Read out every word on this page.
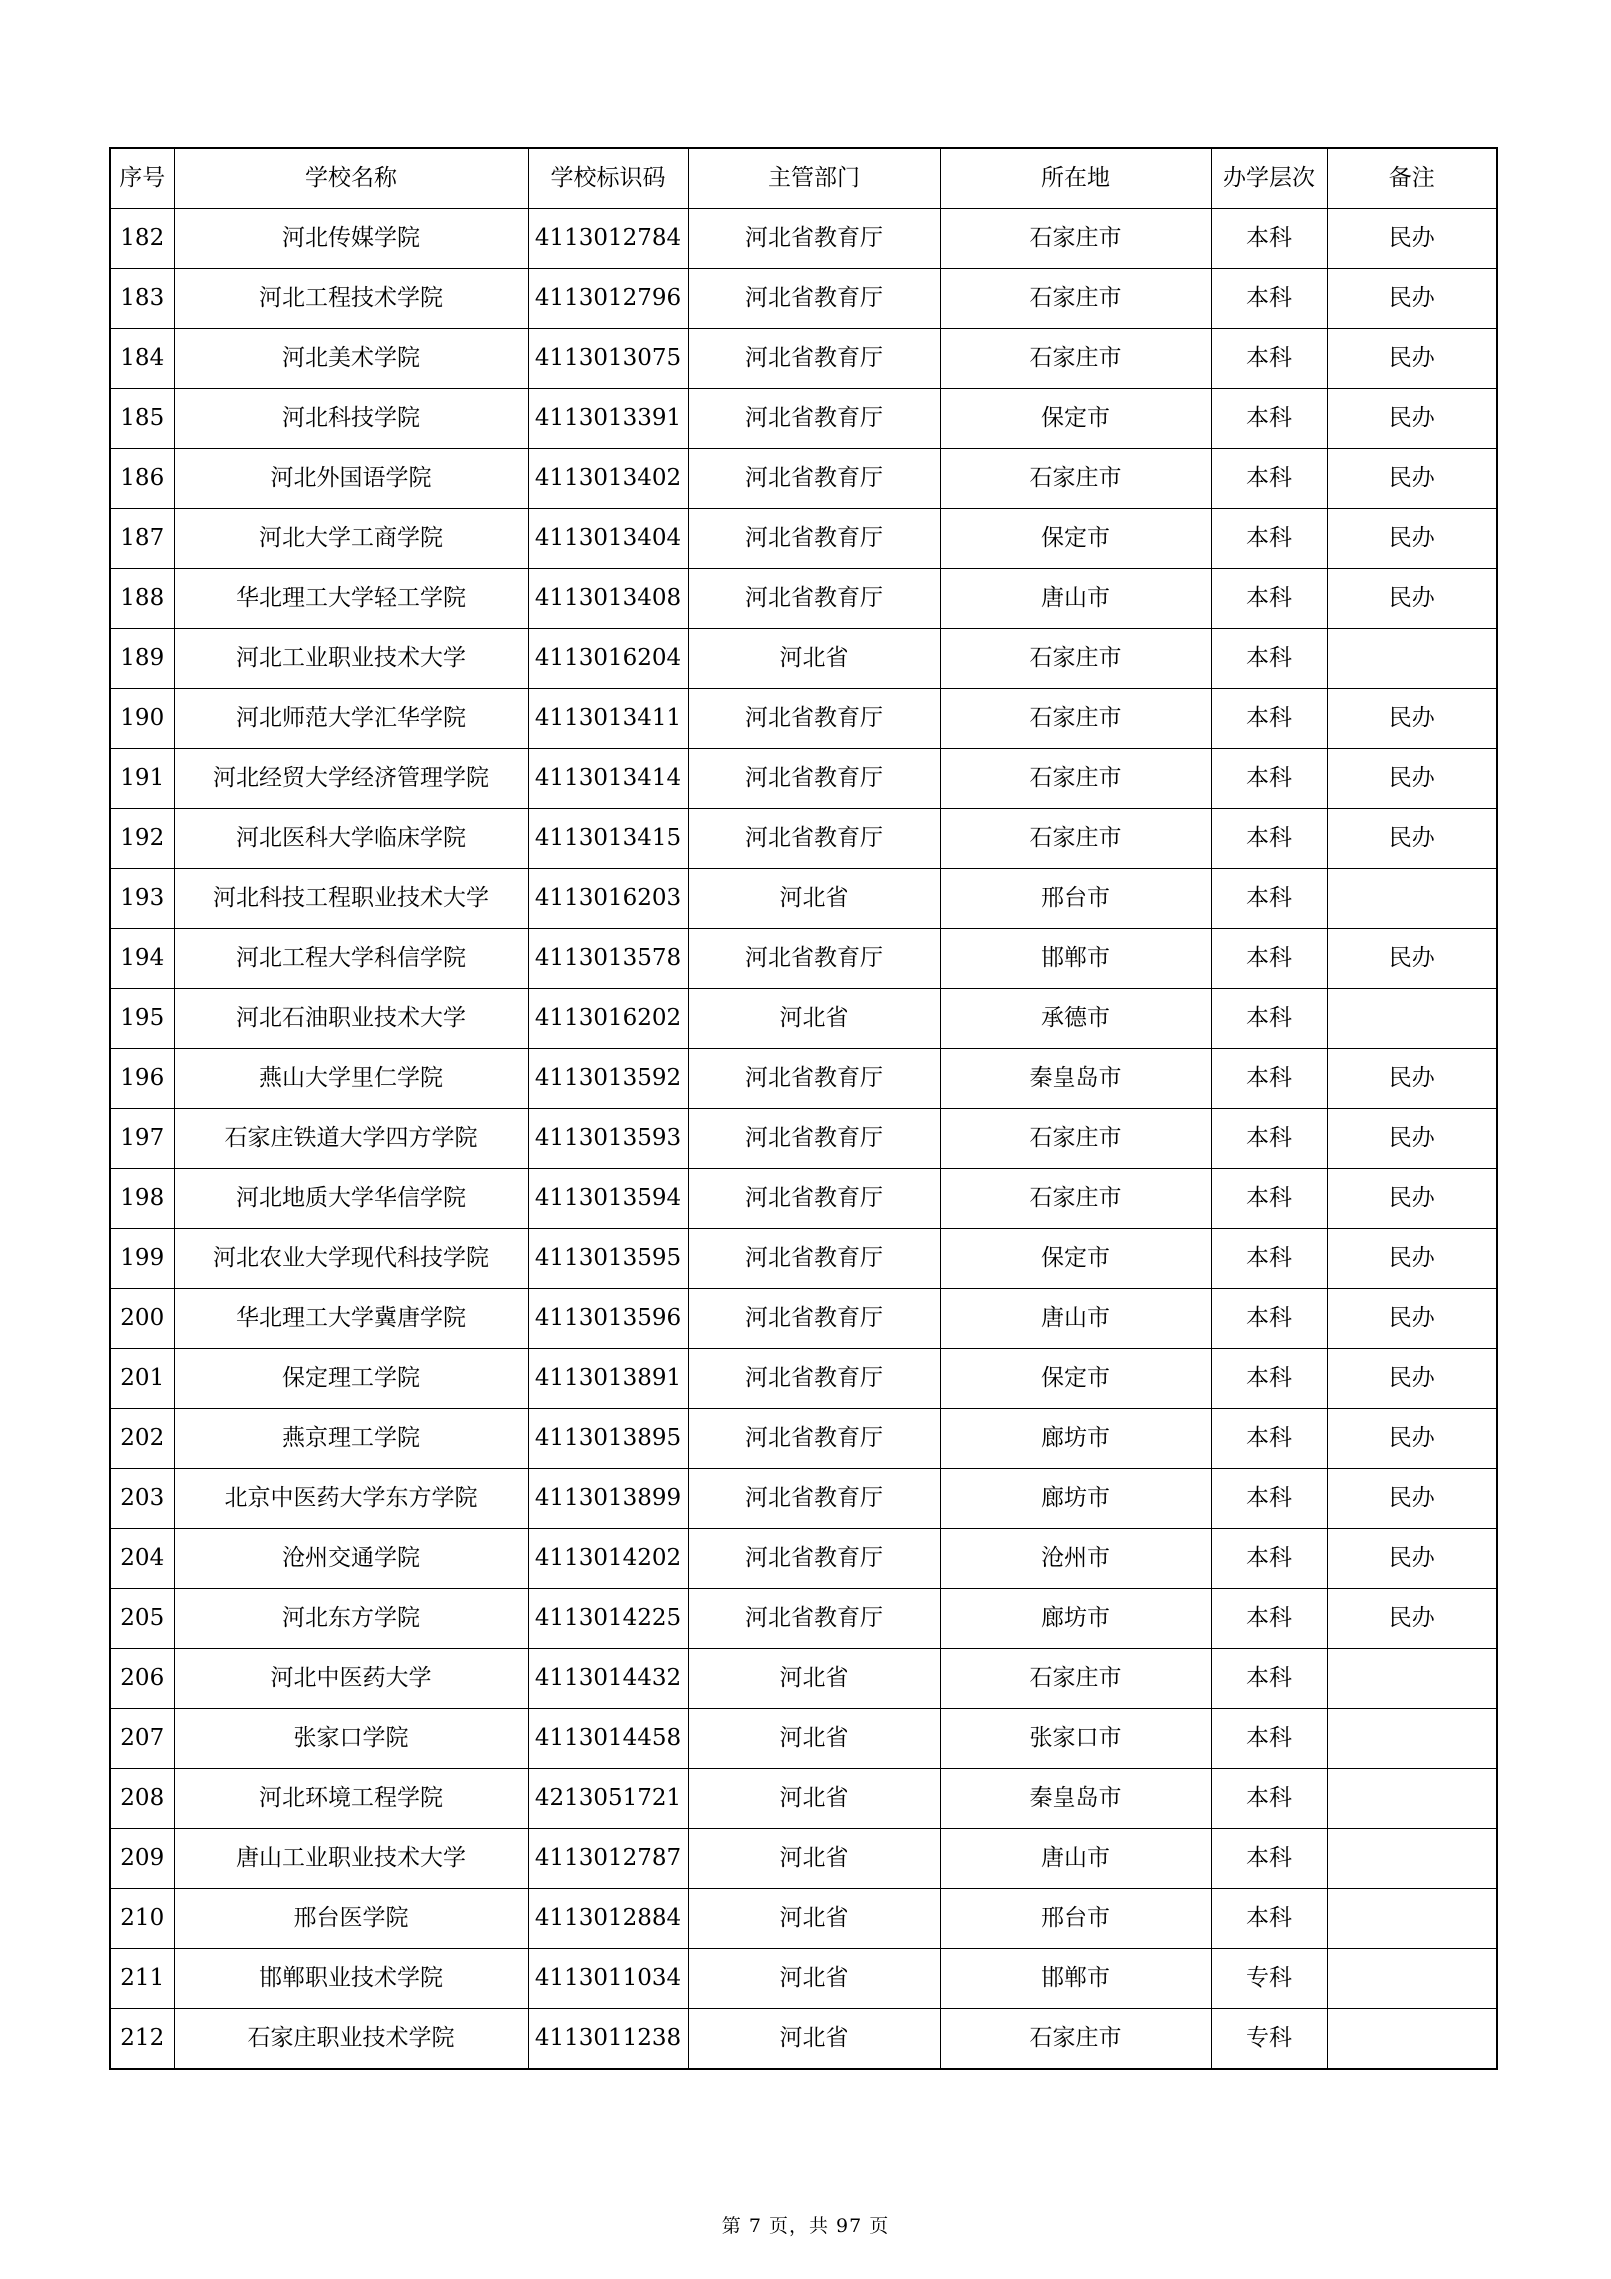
序号	学校名称	学校标识码	主管部门	所在地	办学层次	备注
182	河北传媒学院	4113012784	河北省教育厅	石家庄市	本科	民办
183	河北工程技术学院	4113012796	河北省教育厅	石家庄市	本科	民办
184	河北美术学院	4113013075	河北省教育厅	石家庄市	本科	民办
185	河北科技学院	4113013391	河北省教育厅	保定市	本科	民办
186	河北外国语学院	4113013402	河北省教育厅	石家庄市	本科	民办
187	河北大学工商学院	4113013404	河北省教育厅	保定市	本科	民办
188	华北理工大学轻工学院	4113013408	河北省教育厅	唐山市	本科	民办
189	河北工业职业技术大学	4113016204	河北省	石家庄市	本科	
190	河北师范大学汇华学院	4113013411	河北省教育厅	石家庄市	本科	民办
191	河北经贸大学经济管理学院	4113013414	河北省教育厅	石家庄市	本科	民办
192	河北医科大学临床学院	4113013415	河北省教育厅	石家庄市	本科	民办
193	河北科技工程职业技术大学	4113016203	河北省	邢台市	本科	
194	河北工程大学科信学院	4113013578	河北省教育厅	邯郸市	本科	民办
195	河北石油职业技术大学	4113016202	河北省	承德市	本科	
196	燕山大学里仁学院	4113013592	河北省教育厅	秦皇岛市	本科	民办
197	石家庄铁道大学四方学院	4113013593	河北省教育厅	石家庄市	本科	民办
198	河北地质大学华信学院	4113013594	河北省教育厅	石家庄市	本科	民办
199	河北农业大学现代科技学院	4113013595	河北省教育厅	保定市	本科	民办
200	华北理工大学冀唐学院	4113013596	河北省教育厅	唐山市	本科	民办
201	保定理工学院	4113013891	河北省教育厅	保定市	本科	民办
202	燕京理工学院	4113013895	河北省教育厅	廊坊市	本科	民办
203	北京中医药大学东方学院	4113013899	河北省教育厅	廊坊市	本科	民办
204	沧州交通学院	4113014202	河北省教育厅	沧州市	本科	民办
205	河北东方学院	4113014225	河北省教育厅	廊坊市	本科	民办
206	河北中医药大学	4113014432	河北省	石家庄市	本科	
207	张家口学院	4113014458	河北省	张家口市	本科	
208	河北环境工程学院	4213051721	河北省	秦皇岛市	本科	
209	唐山工业职业技术大学	4113012787	河北省	唐山市	本科	
210	邢台医学院	4113012884	河北省	邢台市	本科	
211	邯郸职业技术学院	4113011034	河北省	邯郸市	专科	
212	石家庄职业技术学院	4113011238	河北省	石家庄市	专科	
第 7 页，共 97 页
